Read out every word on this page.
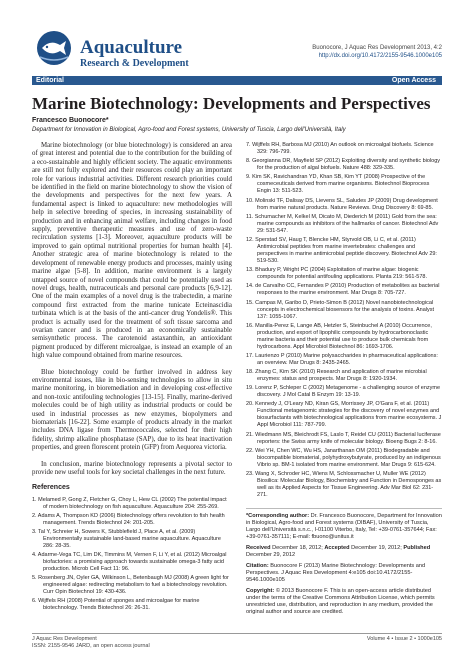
Aquaculture
Research & Development
Buonocore, J Aquac Res Development 2013, 4:2
http://dx.doi.org/10.4172/2155-9546.1000e105
Editorial	Open Access
Marine Biotechnology: Developments and Perspectives
Francesco Buonocore*
Department for Innovation in Biological, Agro-food and Forest systems, University of Tuscia, Largo dell'Università, Italy

Marine biotechnology (or blue biotechnology) is considered an area of great interest and potential due to the contribution for the building of a eco-sustainable and highly efficient society. The aquatic environments are still not fully explored and their resources could play an important role for various industrial activities. Different research priorities could be identified in the field on marine biotechnology to show the vision of the developments and perspectives for the next few years. A fundamental aspect is linked to aquaculture: new methodologies will help in selective breeding of species, in increasing sustainability of production and in enhancing animal welfare, including changes in food supply, preventive therapeutic measures and use of zero-waste recirculation systems [1-3]. Moreover, aquaculture products will be improved to gain optimal nutritional properties for human health [4]. Another strategic area of marine biotechnology is related to the development of renewable energy products and processes, mainly using marine algae [5-8]. In addition, marine environment is a largely untapped source of novel compounds that could be potentially used as novel drugs, health, nutraceuticals and personal care products [6,9-12]. One of the main examples of a novel drug is the trabectedin, a marine compound first extracted from the marine tunicate Ecteinascidia turbinata which is at the basis of the anti-cancer drug Yondelis®. This product is actually used for the treatment of soft tissue sarcoma and ovarian cancer and is produced in an economically sustainable semisynthetic process. The carotenoid astaxanthin, an antioxidant pigment produced by different microalgae, is instead an example of an high value compound obtained from marine resources.

Blue biotechnology could be further involved in address key environmental issues, like in bio-sensing technologies to allow in situ marine monitoring, in bioremediation and in developing cost-effective and non-toxic antifouling technologies [13-15]. Finally, marine-derived molecules could be of high utility as industrial products or could be used in industrial processes as new enzymes, biopolymers and biomaterials [16-22]. Some example of products already in the market includes DNA ligase from Thermococcales, selected for their high fidelity, shrimp alkaline phosphatase (SAP), due to its heat inactivation properties, and green florescent protein (GFP) from Aequorea victoria.

In conclusion, marine biotechnology represents a pivotal sector to provide new useful tools for key societal challenges in the next future.

References
1. Melamed P, Gong Z, Fletcher G, Choy L, Hew CL (2002) The potential impact of modern biotechnology on fish aquaculture. Aquaculture 204: 255-269.
2. Adams A, Thompson KD (2006) Biotechnology offers revolution to fish health management. Trends Biotechnol 24: 201-205.
3. Tal Y, Schreier H, Sowers K, Stubblefield J, Place A, et al. (2009) Environmentally sustainable land-based marine aquaculture. Aquaculture 286: 28-35.
4. Adarme-Vega TC, Lim DK, Timmins M, Vernen F, Li Y, et al. (2012) Microalgal biofactories: a promising approach towards sustainable omega-3 fatty acid production. Microb Cell Fact 11: 96.
5. Rosenberg JN, Oyler GA, Wilkinson L, Betenbaugh MJ (2008) A green light for engineered algae: redirecting metabolism to fuel a biotechnology revolution. Curr Opin Biotechnol 19: 430-436.
6. Wijffels RH (2008) Potential of sponges and microalgae for marine biotechnology. Trends Biotechnol 26: 26-31.
7. Wijffels RH, Barbosa MJ (2010) An outlook on microalgal biofuels. Science 329: 796-799.
8. Georgianna DR, Mayfield SP (2012) Exploiting diversity and synthetic biology for the production of algal biofuels. Nature 488: 329-335.
9. Kim SK, Ravichandran YD, Khan SB, Kim YT (2008) Prospective of the cosmeceuticals derived from marine organisms. Biotechnol Bioprocess Engin 13: 511-523.
10. Molinski TF, Dalisay DS, Lievens SL, Saludes JP (2009) Drug development from marine natural products. Nature Reviews. Drug Discovery 8: 69-85.
11. Schumacher M, Kelkel M, Dicato M, Diederich M (2011) Gold from the sea: marine compounds as inhibitors of the hallmarks of cancer. Biotechnol Adv 29: 531-547.
12. Sperstad SV, Haug T, Blencke HM, Styrvold OB, Li C, et al. (2011) Antimicrobial peptides from marine invertebrates: challenges and perspectives in marine antimicrobial peptide discovery. Biotechnol Adv 29: 519-530.
13. Bhadury P, Wright PC (2004) Exploitation of marine algae: biogenic compounds for potential antifouling applications. Planta 219: 561-578.
14. de Carvalho CC, Fernandes P (2010) Production of metabolites as bacterial responses to the marine environment. Mar Drugs 8: 705-727.
15. Campas M, Garibo D, Prieto-Simon B (2012) Novel nanobiotechnological concepts in electrochemical biosensors for the analysis of toxins. Analyst 137: 1055-1067.
16. Manilla-Perez E, Lange AB, Hetzler S, Steinbuchel A (2010) Occurrence, production, and export of lipophilic compounds by hydrocarbonoclastic marine bacteria and their potential use to produce bulk chemicals from hydrocarbons. Appl Microbiol Biotechnol 86: 1693-1706.
17. Laurienzo P (2010) Marine polysaccharides in pharmaceutical applications: an overview. Mar Drugs 8: 2435-2465.
18. Zhang C, Kim SK (2010) Research and application of marine microbial enzymes: status and prospects. Mar Drugs 8: 1920-1934.
19. Lorenz P, Schleper C (2002) Metagenome - a challenging source of enzyme discovery. J Mol Catal B Enzym 19: 13-19.
20. Kennedy J, O'Leary ND, Kiran GS, Morrissey JP, O'Gara F, et al. (2011) Functional metagenomic strategies for the discovery of novel enzymes and biosurfactants with biotechnological applications from marine ecosystems. J Appl Microbiol 111: 787-799.
21. Wiedmann MS, Bleichrodt FS, Laslo T, Reidel CU (2011) Bacterial luciferase reporters: the Swiss army knife of molecular biology. Bioeng Bugs 2: 8-16.
22. Wei YH, Chen WC, Wu HS, Janarthanan OM (2011) Biodegradable and biocompatible biomaterial, polyhydroxybutyrate, produced by an indigenous Vibrio sp. BM-1 isolated from marine environment. Mar Drugs 9: 615-624.
23. Wang X, Schroder HC, Wiens M, Schlossmacher U, Muller WE (2012) Biosilica: Molecular Biology, Biochemistry and Function in Demosponges as well as its Applied Aspects for Tissue Engineering. Adv Mar Biol 62: 231-271.

*Corresponding author: Dr. Francesco Buonocore, Department for Innovation in Biological, Agro-food and Forest systems (DIBAF), University of Tuscia, Largo dell'Università s.n.c., I-01100 Viterbo, Italy, Tel: +39-0761-357644; Fax: +39-0761-357111; E-mail: fbuono@unitus.it

Received December 18, 2012; Accepted December 19, 2012; Published December 29, 2012

Citation: Buonocore F (2013) Marine Biotechnology: Developments and Perspectives. J Aquac Res Development 4:e105 doi:10.4172/2155-9546.1000e105

Copyright: © 2013 Buonocore F. This is an open-access article distributed under the terms of the Creative Commons Attribution License, which permits unrestricted use, distribution, and reproduction in any medium, provided the original author and source are credited.

J Aquac Res Development
ISSN: 2155-9546 JARD, an open access journal
Volume 4 • Issue 2 • 1000e105
